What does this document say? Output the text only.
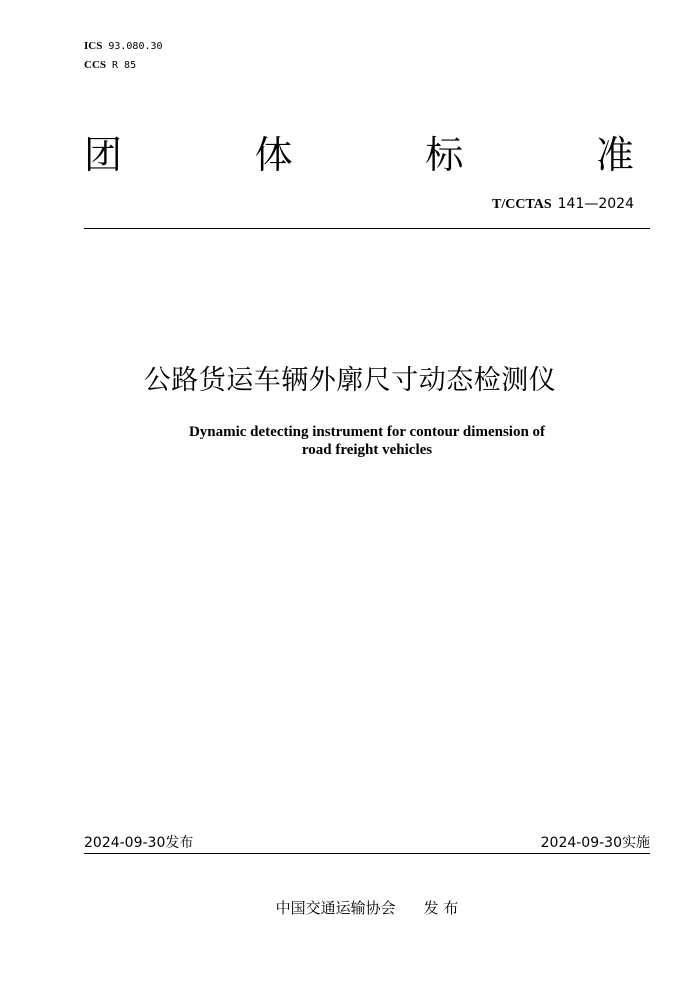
ICS 93.080.30
CCS R 85
团	体	标	准
T/CCTAS 141—2024
公路货运车辆外廓尺寸动态检测仪
Dynamic detecting instrument for contour dimension of
road freight vehicles
2024-09-30发布	2024-09-30实施
中国交通运输协会 发 布
